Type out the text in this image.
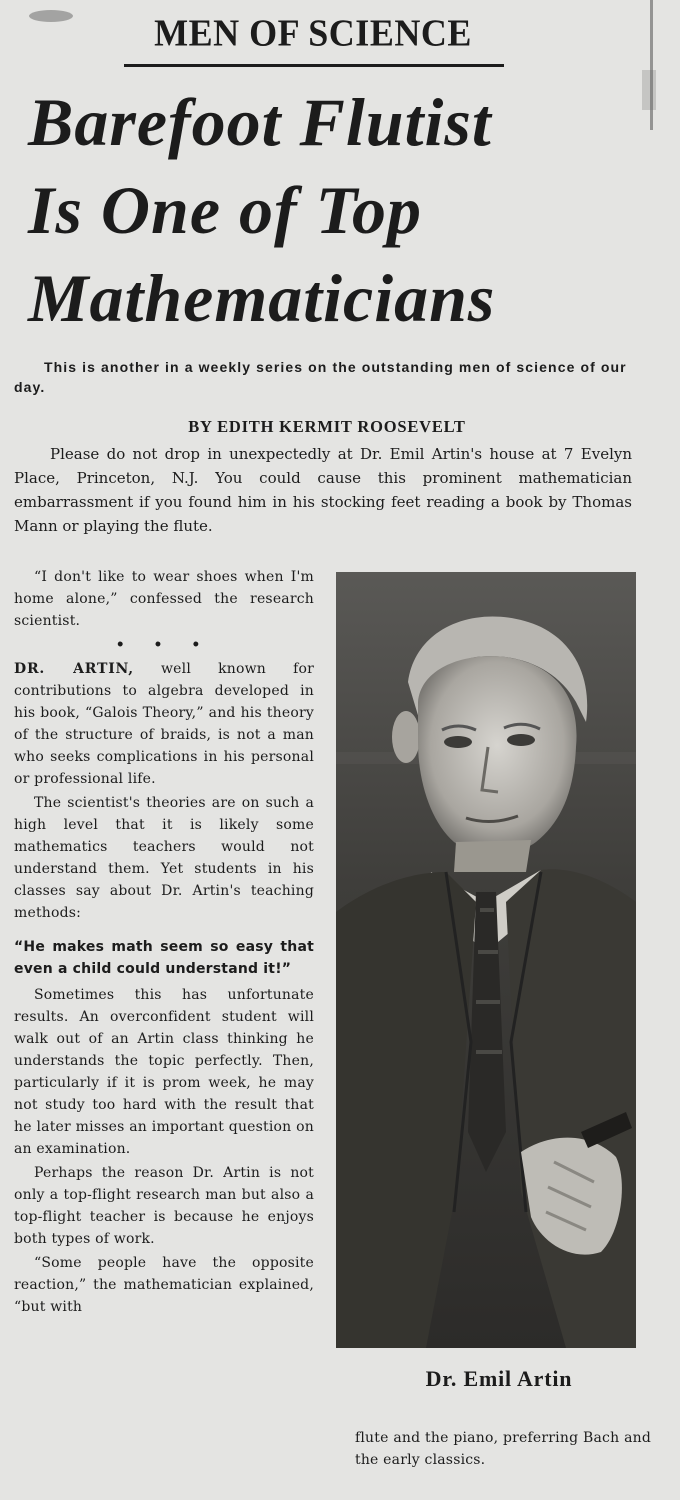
MEN OF SCIENCE
Barefoot Flutist
Is One of Top
Mathematicians
This is another in a weekly series on the outstanding men of science of our day.
BY EDITH KERMIT ROOSEVELT
Please do not drop in unexpectedly at Dr. Emil Artin's house at 7 Evelyn Place, Princeton, N.J. You could cause this prominent mathematician embarrassment if you found him in his stocking feet reading a book by Thomas Mann or playing the flute.

“I don't like to wear shoes when I'm home alone,” confessed the research scientist.

• • •

DR. ARTIN, well known for contributions to algebra developed in his book, “Galois Theory,” and his theory of the structure of braids, is not a man who seeks complications in his personal or professional life.

The scientist's theories are on such a high level that it is likely some mathematics teachers would not understand them. Yet students in his classes say about Dr. Artin's teaching methods:

“He makes math seem so easy that even a child could understand it!”

Sometimes this has unfortunate results. An overconfident student will walk out of an Artin class thinking he understands the topic perfectly. Then, particularly if it is prom week, he may not study too hard with the result that he later misses an important question on an examination.

Perhaps the reason Dr. Artin is not only a top-flight research man but also a top-flight teacher is because he enjoys both types of work.

“Some people have the opposite reaction,” the mathematician explained, “but with

Dr. Emil Artin
flute and the piano, preferring Bach and the early classics.
